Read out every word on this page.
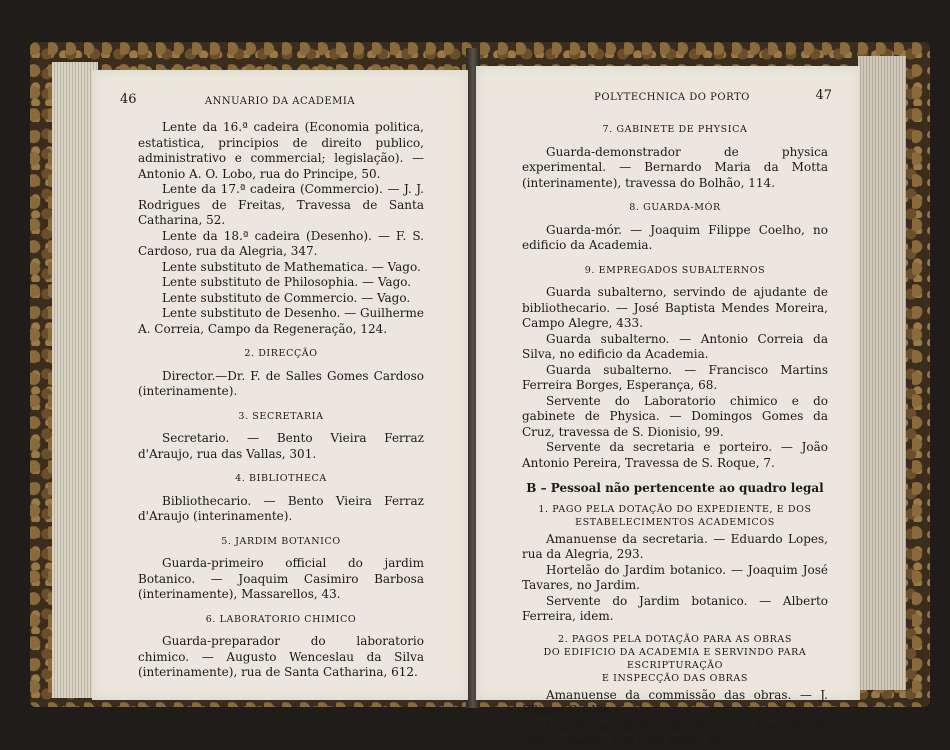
46	ANNUARIO DA ACADEMIA

Lente da 16.ª cadeira (Economia politica, estatistica, principios de direito publico, administrativo e commercial; legislação). — Antonio A. O. Lobo, rua do Principe, 50.

Lente da 17.ª cadeira (Commercio). — J. J. Rodrigues de Freitas, Travessa de Santa Catharina, 52.

Lente da 18.ª cadeira (Desenho). — F. S. Cardoso, rua da Alegria, 347.

Lente substituto de Mathematica. — Vago.

Lente substituto de Philosophia. — Vago.

Lente substituto de Commercio. — Vago.

Lente substituto de Desenho. — Guilherme A. Correia, Campo da Regeneração, 124.

2. DIRECÇÃO

Director.—Dr. F. de Salles Gomes Cardoso (interinamente).

3. SECRETARIA

Secretario. — Bento Vieira Ferraz d'Araujo, rua das Vallas, 301.

4. BIBLIOTHECA

Bibliothecario. — Bento Vieira Ferraz d'Araujo (interinamente).

5. JARDIM BOTANICO

Guarda-primeiro official do jardim Botanico. — Joaquim Casimiro Barbosa (interinamente), Massarellos, 43.

6. LABORATORIO CHIMICO

Guarda-preparador do laboratorio chimico. — Augusto Wenceslau da Silva (interinamente), rua de Santa Catharina, 612.

POLYTECHNICA DO PORTO	47
7. GABINETE DE PHYSICA

Guarda-demonstrador de physica experimental. — Bernardo Maria da Motta (interinamente), travessa do Bolhão, 114.

8. GUARDA-MÓR

Guarda-mór. — Joaquim Filippe Coelho, no edificio da Academia.

9. EMPREGADOS SUBALTERNOS

Guarda subalterno, servindo de ajudante de bibliothecario. — José Baptista Mendes Moreira, Campo Alegre, 433.

Guarda subalterno. — Antonio Correia da Silva, no edificio da Academia.

Guarda subalterno. — Francisco Martins Ferreira Borges, Esperança, 68.

Servente do Laboratorio chimico e do gabinete de Physica. — Domingos Gomes da Cruz, travessa de S. Dionisio, 99.

Servente da secretaria e porteiro. — João Antonio Pereira, Travessa de S. Roque, 7.

B – Pessoal não pertencente ao quadro legal
1. PAGO PELA DOTAÇÃO DO EXPEDIENTE, E DOS
ESTABELECIMENTOS ACADEMICOS

Amanuense da secretaria. — Eduardo Lopes, rua da Alegria, 293.

Hortelão do Jardim botanico. — Joaquim José Tavares, no Jardim.

Servente do Jardim botanico. — Alberto Ferreira, idem.

2. PAGOS PELA DOTAÇÃO PARA AS OBRAS
DO EDIFICIO DA ACADEMIA E SERVINDO PARA ESCRIPTURAÇÃO
E INSPECÇÃO DAS OBRAS

Amanuense da commissão das obras. — J. Filippe Coelho.

Guarda apontador das obras. — Joaquim de Sousa Seabra, rua 9 de Julho, 37.
